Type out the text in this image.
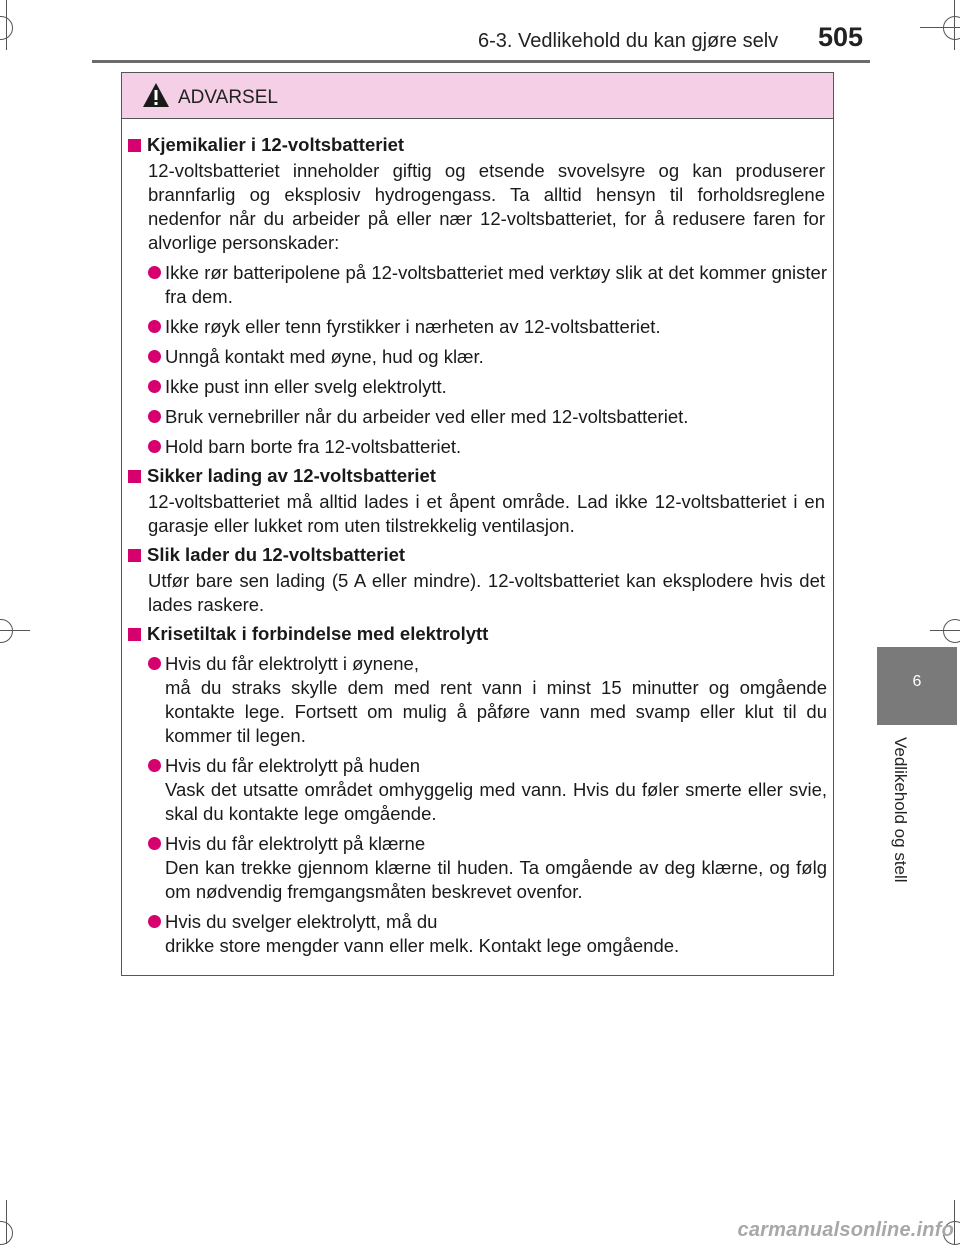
6-3. Vedlikehold du kan gjøre selv 505
6
Vedlikehold og stell
ADVARSEL
Kjemikalier i 12-voltsbatteriet
12-voltsbatteriet inneholder giftig og etsende svovelsyre og kan produserer brannfarlig og eksplosiv hydrogengass. Ta alltid hensyn til forholdsreglene nedenfor når du arbeider på eller nær 12-voltsbatteriet, for å redusere faren for alvorlige personskader:
Ikke rør batteripolene på 12-voltsbatteriet med verktøy slik at det kommer gnister fra dem.
Ikke røyk eller tenn fyrstikker i nærheten av 12-voltsbatteriet.
Unngå kontakt med øyne, hud og klær.
Ikke pust inn eller svelg elektrolytt.
Bruk vernebriller når du arbeider ved eller med 12-voltsbatteriet.
Hold barn borte fra 12-voltsbatteriet.
Sikker lading av 12-voltsbatteriet
12-voltsbatteriet må alltid lades i et åpent område. Lad ikke 12-voltsbatteriet i en garasje eller lukket rom uten tilstrekkelig ventilasjon.
Slik lader du 12-voltsbatteriet
Utfør bare sen lading (5 A eller mindre). 12-voltsbatteriet kan eksplodere hvis det lades raskere.
Krisetiltak i forbindelse med elektrolytt
Hvis du får elektrolytt i øynene,
må du straks skylle dem med rent vann i minst 15 minutter og omgående kontakte lege. Fortsett om mulig å påføre vann med svamp eller klut til du kommer til legen.
Hvis du får elektrolytt på huden
Vask det utsatte området omhyggelig med vann. Hvis du føler smerte eller svie, skal du kontakte lege omgående.
Hvis du får elektrolytt på klærne
Den kan trekke gjennom klærne til huden. Ta omgående av deg klærne, og følg om nødvendig fremgangsmåten beskrevet ovenfor.
Hvis du svelger elektrolytt, må du
drikke store mengder vann eller melk. Kontakt lege omgående.
carmanualsonline.info
